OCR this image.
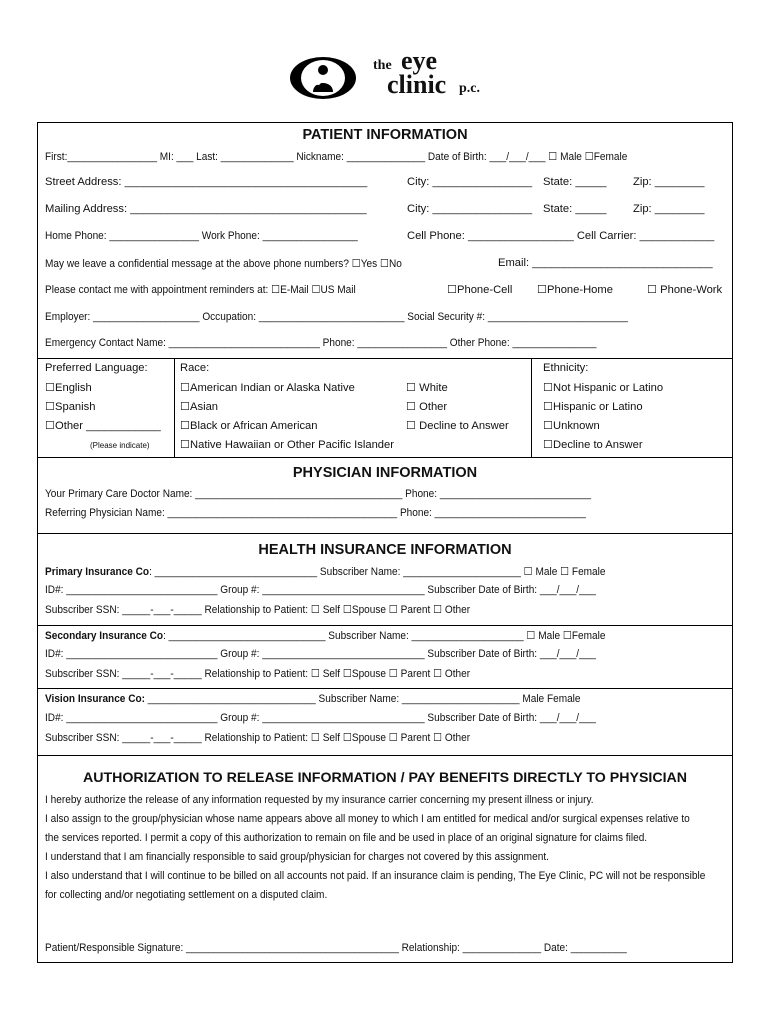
the eye
clinic p.c.
PATIENT INFORMATION
First:________________ MI: ___ Last: _____________ Nickname: ______________ Date of Birth: ___/___/___ ☐ Male ☐Female
Street Address: _______________________________________	City: ________________ State: _____ Zip: ________
Mailing Address: ______________________________________	City: ________________ State: _____ Zip: ________
Home Phone: ________________ Work Phone: _________________	Cell Phone: _________________ Cell Carrier: ____________
May we leave a confidential message at the above phone numbers? ☐Yes ☐No	Email: _____________________________
Please contact me with appointment reminders at: ☐E-Mail ☐US Mail	☐Phone-Cell ☐Phone-Home	☐ Phone-Work
Employer: ___________________ Occupation: __________________________ Social Security #: _________________________
Emergency Contact Name: ___________________________ Phone: ________________ Other Phone: _______________
Preferred Language:
☐English
☐Spanish
☐Other ____________
(Please indicate)
Race:
☐American Indian or Alaska Native
☐Asian
☐Black or African American
☐Native Hawaiian or Other Pacific Islander
☐ White
☐ Other
☐ Decline to Answer
Ethnicity:
☐Not Hispanic or Latino
☐Hispanic or Latino
☐Unknown
☐Decline to Answer
PHYSICIAN INFORMATION
Your Primary Care Doctor Name: _____________________________________ Phone: ___________________________
Referring Physician Name: _________________________________________ Phone: ___________________________
HEALTH INSURANCE INFORMATION
Primary Insurance Co: _____________________________ Subscriber Name: _____________________ ☐ Male ☐ Female
ID#: ___________________________ Group #: _____________________________ Subscriber Date of Birth: ___/___/___
Subscriber SSN: _____-___-_____ Relationship to Patient: ☐ Self ☐Spouse ☐ Parent ☐ Other
Secondary Insurance Co: ____________________________ Subscriber Name: ____________________ ☐ Male ☐Female
ID#: ___________________________ Group #: _____________________________ Subscriber Date of Birth: ___/___/___
Subscriber SSN: _____-___-_____ Relationship to Patient: ☐ Self ☐Spouse ☐ Parent ☐ Other
Vision Insurance Co: ______________________________ Subscriber Name: _____________________ Male Female
ID#: ___________________________ Group #: _____________________________ Subscriber Date of Birth: ___/___/___
Subscriber SSN: _____-___-_____ Relationship to Patient: ☐ Self ☐Spouse ☐ Parent ☐ Other
AUTHORIZATION TO RELEASE INFORMATION / PAY BENEFITS DIRECTLY TO PHYSICIAN

I hereby authorize the release of any information requested by my insurance carrier concerning my present illness or injury.

I also assign to the group/physician whose name appears above all money to which I am entitled for medical and/or surgical expenses relative to the services reported. I permit a copy of this authorization to remain on file and be used in place of an original signature for claims filed.

I understand that I am financially responsible to said group/physician for charges not covered by this assignment.

I also understand that I will continue to be billed on all accounts not paid. If an insurance claim is pending, The Eye Clinic, PC will not be responsible for collecting and/or negotiating settlement on a disputed claim.

Patient/Responsible Signature: ______________________________________ Relationship: ______________ Date: __________
